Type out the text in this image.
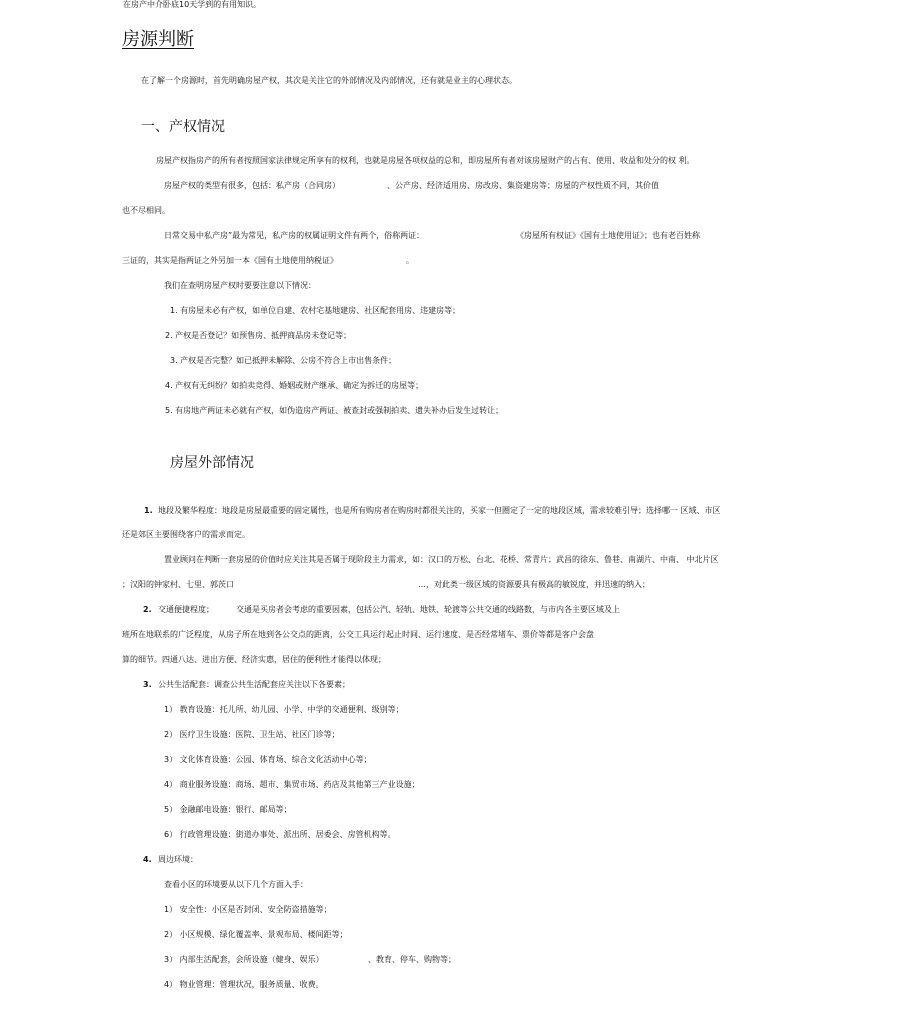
在房产中介卧底10天学到的有用知识。
房源判断
在了解一个房源时，首先明确房屋产权，其次是关注它的外部情况及内部情况，还有就是业主的心理状态。
一、产权情况
房屋产权指房产的所有者按照国家法律规定所享有的权利，也就是房屋各项权益的总和，即房屋所有者对该房屋财产的占有、使用、收益和处分的权 利。
房屋产权的类型有很多，包括：私产房（合同房）	、公产房、经济适用房、房改房、集资建房等；房屋的产权性质不同，其价值
也不尽相同。
日常交易中私产房”最为常见，私产房的权属证明文件有两个，俗称两证：	《房屋所有权证》《国有土地使用证》；也有老百姓称
三证的，其实是指两证之外另加一本《国有土地使用纳税证》	。
我们在查明房屋产权时要要注意以下情况：
1. 有房屋未必有产权，如单位自建、农村宅基地建房、社区配套用房、违建房等；
2. 产权是否登记？如预售房、抵押商品房未登记等；
3. 产权是否完整？如已抵押未解除、公房不符合上市出售条件；
4. 产权有无纠纷？如拍卖竞得、婚姻或财产继承、确定为拆迁的房屋等；
5. 有房地产两证未必就有产权，如伪造房产两证、被查封或强制拍卖、遗失补办后发生过转让；
房屋外部情况
1. 地段及繁华程度：地段是房屋最重要的固定属性，也是所有购房者在购房时都很关注的，买家一但圈定了一定的地段区域，需求较难引导；选择哪一 区域、市区
还是郊区主要围绕客户的需求而定。
置业顾问在判断一套房屋的价值时应关注其是否属于现阶段主力需求，如：汉口的万松、台北、花桥、常青片；武昌的徐东、鲁巷、南湖片、中南、 中北片区
；汉阳的钟家村、七里、郭茨口	…，对此类一级区域的资源要具有极高的敏锐度，并迅速的纳入；
2. 交通便捷程度；	交通是买房者会考虑的重要因素，包括公汽、轻轨、地铁、轮渡等公共交通的线路数，与市内各主要区域及上
班所在地联系的广泛程度，从房子所在地到各公交点的距离，公交工具运行起止时间、运行速度、是否经常堵车、票价等都是客户会盘
算的细节。四通八达、进出方便、经济实惠，居住的便利性才能得以体现；
3. 公共生活配套：调查公共生活配套应关注以下各要素；
1） 教育设施：托儿所、幼儿园、小学、中学的交通便利、级别等；
2） 医疗卫生设施：医院、卫生站、社区门诊等；
3） 文化体育设施：公园、体育场、综合文化活动中心等；
4） 商业服务设施：商场、超市、集贸市场、药店及其他第三产业设施；
5） 金融邮电设施：银行、邮局等；
6） 行政管理设施：街道办事处、派出所、居委会、房管机构等。
4. 周边环境：
查看小区的环境要从以下几个方面入手：
1） 安全性：小区是否封闭、安全防盗措施等；
2） 小区规模、绿化覆盖率、景观布局、楼间距等；
3） 内部生活配套，会所设施（健身、娱乐）	、教育、停车、购物等；
4） 物业管理：管理状况，服务质量、收费。
